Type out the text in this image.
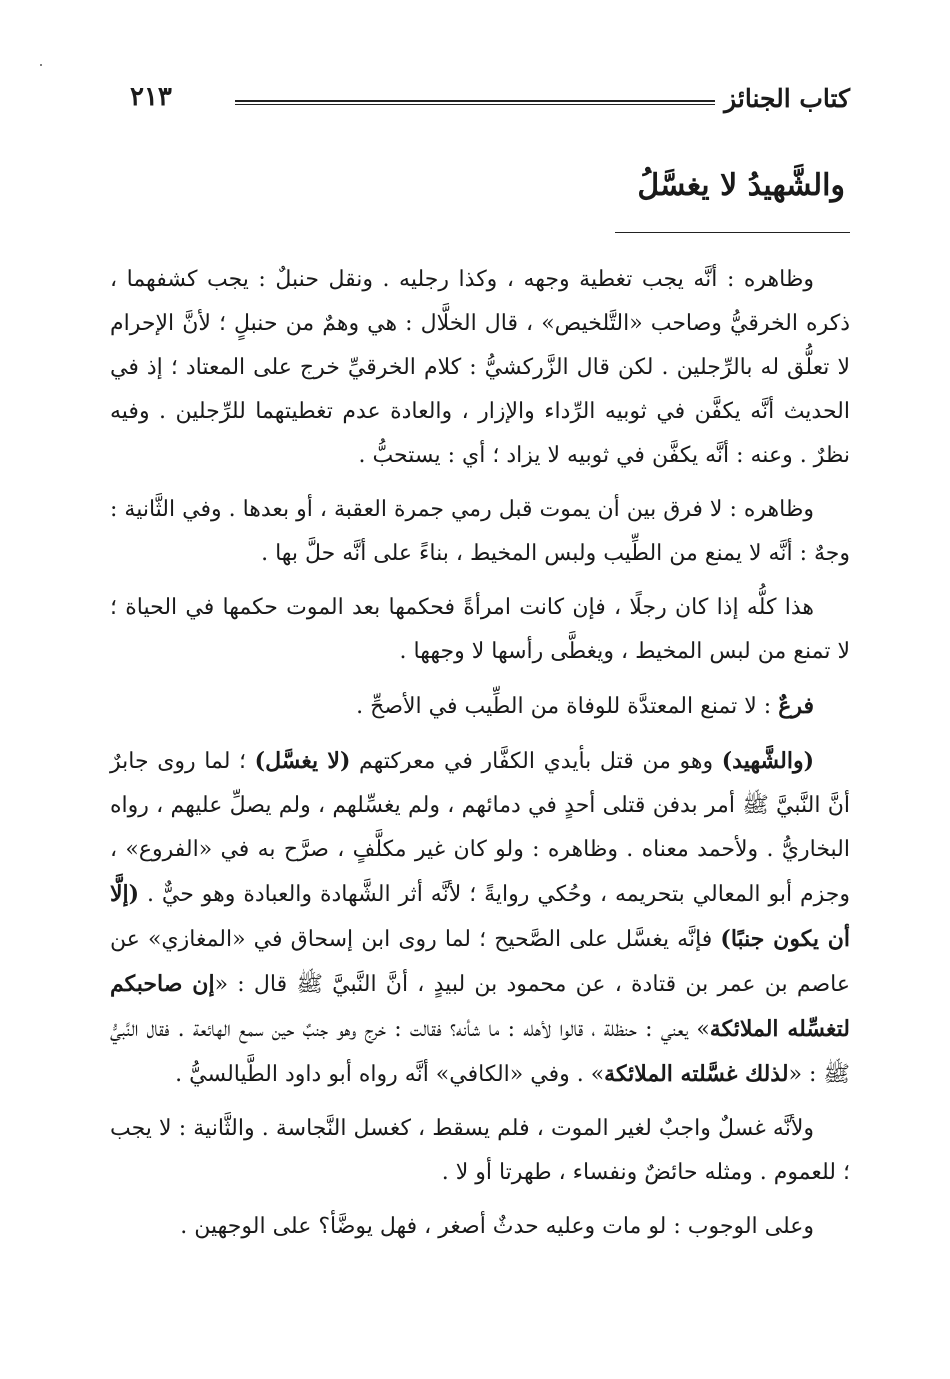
كتاب الجنائز
٢١٣
والشَّهيدُ لا يغسَّلُ

وظاهره : أنَّه يجب تغطية وجهه ، وكذا رجليه . ونقل حنبلٌ : يجب كشفهما ، ذكره الخرقيُّ وصاحب «التَّلخيص» ، قال الخلَّال : هي وهمٌ من حنبلٍ ؛ لأنَّ الإحرام لا تعلُّق له بالرِّجلين . لكن قال الزَّركشيُّ : كلام الخرقيِّ خرج على المعتاد ؛ إذ في الحديث أنَّه يكفَّن في ثوبيه الرِّداء والإزار ، والعادة عدم تغطيتهما للرِّجلين . وفيه نظرٌ . وعنه : أنَّه يكفَّن في ثوبيه لا يزاد ؛ أي : يستحبُّ .

وظاهره : لا فرق بين أن يموت قبل رمي جمرة العقبة ، أو بعدها . وفي الثَّانية : وجهٌ : أنَّه لا يمنع من الطِّيب ولبس المخيط ، بناءً على أنَّه حلَّ بها .

هذا كلُّه إذا كان رجلًا ، فإن كانت امرأةً فحكمها بعد الموت حكمها في الحياة ؛ لا تمنع من لبس المخيط ، ويغطَّى رأسها لا وجهها .

فرعٌ : لا تمنع المعتدَّة للوفاة من الطِّيب في الأصحِّ .

(والشَّهيد) وهو من قتل بأيدي الكفَّار في معركتهم (لا يغسَّل) ؛ لما روى جابرٌ أنَّ النَّبيَّ ﷺ أمر بدفن قتلى أحدٍ في دمائهم ، ولم يغسِّلهم ، ولم يصلِّ عليهم ، رواه البخاريُّ . ولأحمد معناه . وظاهره : ولو كان غير مكلَّفٍ ، صرَّح به في «الفروع» ، وجزم أبو المعالي بتحريمه ، وحُكي روايةً ؛ لأنَّه أثر الشَّهادة والعبادة وهو حيٌّ . (إلَّا أن يكون جنبًا) فإنَّه يغسَّل على الصَّحيح ؛ لما روى ابن إسحاق في «المغازي» عن عاصم بن عمر بن قتادة ، عن محمود بن لبيدٍ ، أنَّ النَّبيَّ ﷺ قال : «إن صاحبكم لتغسِّله الملائكة» يعني : حنظلة ، قالوا لأهله : ما شأنه؟ فقالت : خرج وهو جنبٌ حين سمع الهائعة . فقال النَّبيُّ ﷺ : «لذلك غسَّلته الملائكة» . وفي «الكافي» أنَّه رواه أبو داود الطَّيالسيُّ .

ولأنَّه غسلٌ واجبٌ لغير الموت ، فلم يسقط ، كغسل النَّجاسة . والثَّانية : لا يجب ؛ للعموم . ومثله حائضٌ ونفساء ، طهرتا أو لا .

وعلى الوجوب : لو مات وعليه حدثٌ أصغر ، فهل يوضَّأ؟ على الوجهين .
